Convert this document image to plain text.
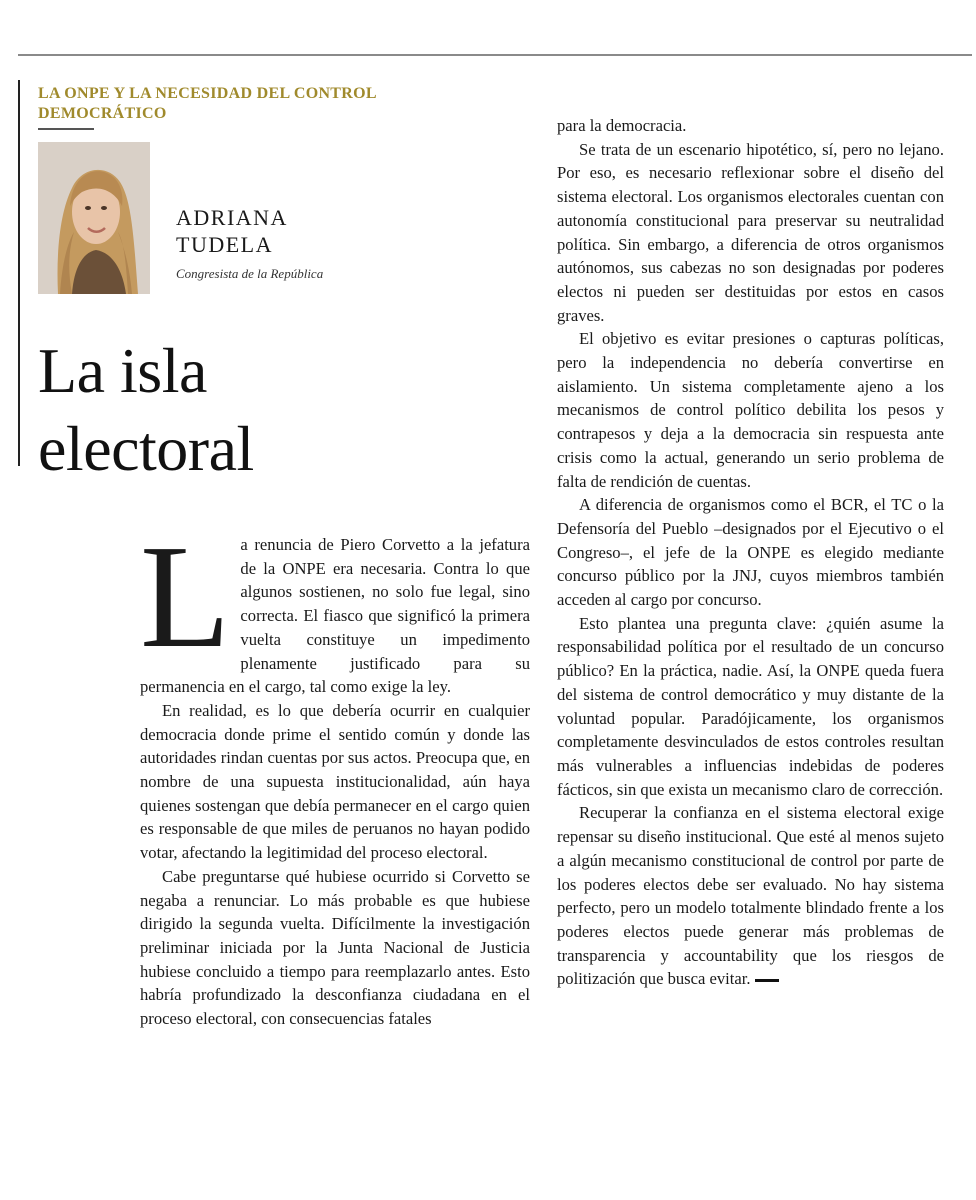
LA ONPE Y LA NECESIDAD DEL CONTROL DEMOCRÁTICO
ADRIANA
TUDELA
Congresista de la República
La isla
electoral

La renuncia de Piero Corvetto a la jefatura de la ONPE era necesaria. Contra lo que algunos sostienen, no solo fue legal, sino correcta. El fiasco que significó la primera vuelta constituye un impedimento plenamente justificado para su permanencia en el cargo, tal como exige la ley.

En realidad, es lo que debería ocurrir en cualquier democracia donde prime el sentido común y donde las autoridades rindan cuentas por sus actos. Preocupa que, en nombre de una supuesta institucionalidad, aún haya quienes sostengan que debía permanecer en el cargo quien es responsable de que miles de peruanos no hayan podido votar, afectando la legitimidad del proceso electoral.

Cabe preguntarse qué hubiese ocurrido si Corvetto se negaba a renunciar. Lo más probable es que hubiese dirigido la segunda vuelta. Difícilmente la investigación preliminar iniciada por la Junta Nacional de Justicia hubiese concluido a tiempo para reemplazarlo antes. Esto habría profundizado la desconfianza ciudadana en el proceso electoral, con consecuencias fatales

para la democracia.

Se trata de un escenario hipotético, sí, pero no lejano. Por eso, es necesario reflexionar sobre el diseño del sistema electoral. Los organismos electorales cuentan con autonomía constitucional para preservar su neutralidad política. Sin embargo, a diferencia de otros organismos autónomos, sus cabezas no son designadas por poderes electos ni pueden ser destituidas por estos en casos graves.

El objetivo es evitar presiones o capturas políticas, pero la independencia no debería convertirse en aislamiento. Un sistema completamente ajeno a los mecanismos de control político debilita los pesos y contrapesos y deja a la democracia sin respuesta ante crisis como la actual, generando un serio problema de falta de rendición de cuentas.

A diferencia de organismos como el BCR, el TC o la Defensoría del Pueblo –designados por el Ejecutivo o el Congreso–, el jefe de la ONPE es elegido mediante concurso público por la JNJ, cuyos miembros también acceden al cargo por concurso.

Esto plantea una pregunta clave: ¿quién asume la responsabilidad política por el resultado de un concurso público? En la práctica, nadie. Así, la ONPE queda fuera del sistema de control democrático y muy distante de la voluntad popular. Paradójicamente, los organismos completamente desvinculados de estos controles resultan más vulnerables a influencias indebidas de poderes fácticos, sin que exista un mecanismo claro de corrección.

Recuperar la confianza en el sistema electoral exige repensar su diseño institucional. Que esté al menos sujeto a algún mecanismo constitucional de control por parte de los poderes electos debe ser evaluado. No hay sistema perfecto, pero un modelo totalmente blindado frente a los poderes electos puede generar más problemas de transparencia y accountability que los riesgos de politización que busca evitar.
